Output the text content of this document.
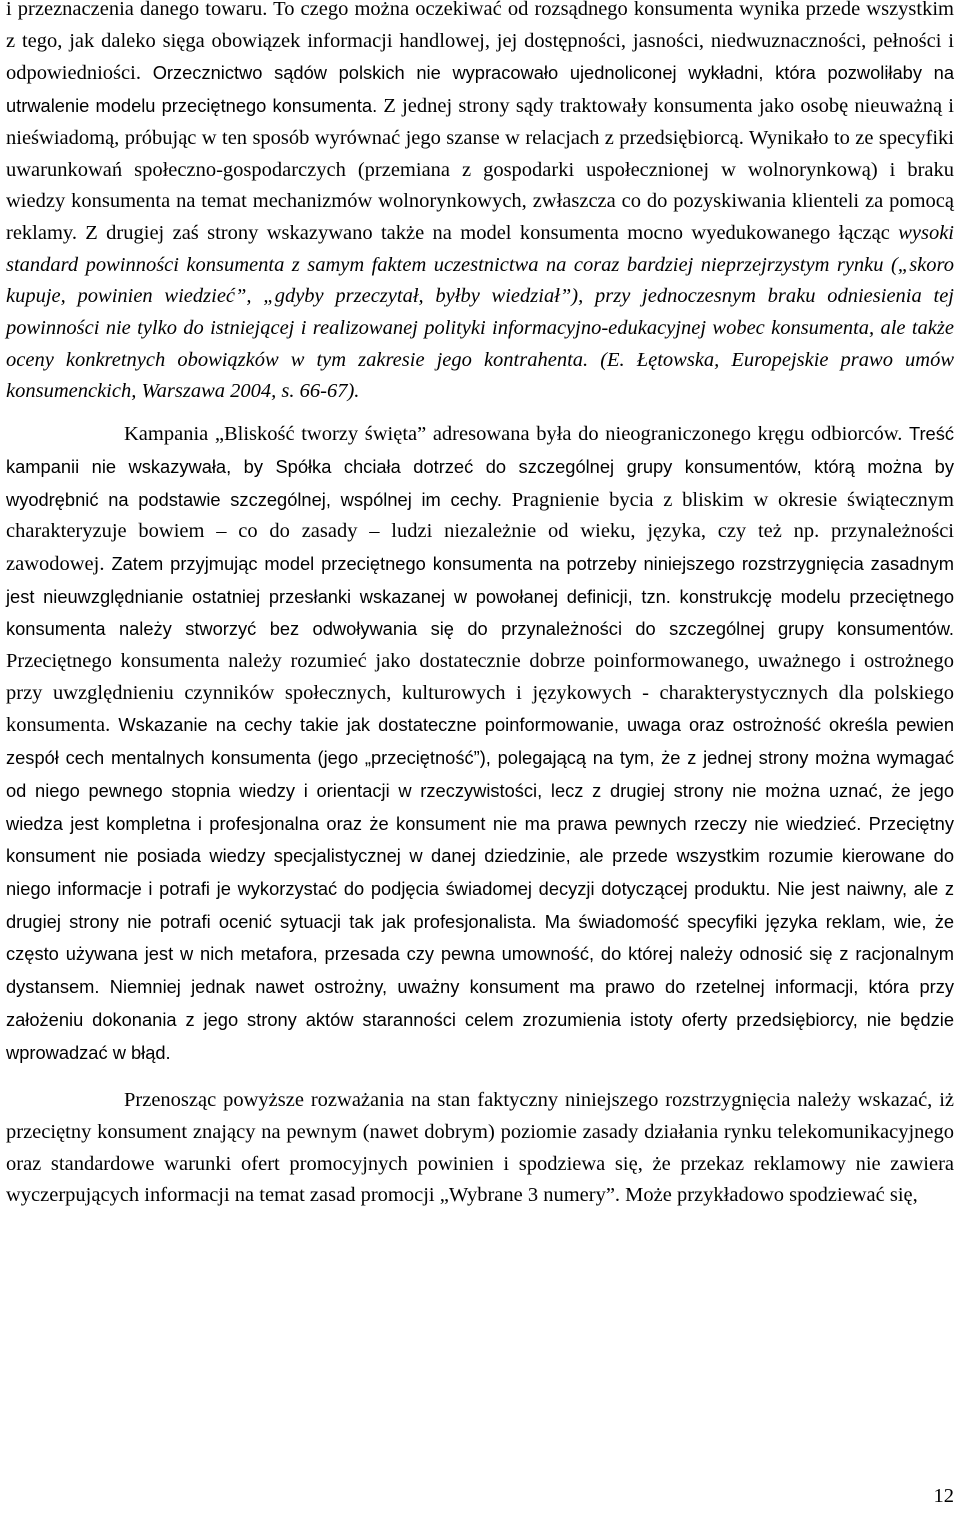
i przeznaczenia danego towaru. To czego można oczekiwać od rozsądnego konsumenta wynika przede wszystkim z tego, jak daleko sięga obowiązek informacji handlowej, jej dostępności, jasności, niedwuznaczności, pełności i odpowiedniości. Orzecznictwo sądów polskich nie wypracowało ujednoliconej wykładni, która pozwoliłaby na utrwalenie modelu przeciętnego konsumenta. Z jednej strony sądy traktowały konsumenta jako osobę nieuważną i nieświadomą, próbując w ten sposób wyrównać jego szanse w relacjach z przedsiębiorcą. Wynikało to ze specyfiki uwarunkowań społeczno-gospodarczych (przemiana z gospodarki uspołecznionej w wolnorynkową) i braku wiedzy konsumenta na temat mechanizmów wolnorynkowych, zwłaszcza co do pozyskiwania klienteli za pomocą reklamy. Z drugiej zaś strony wskazywano także na model konsumenta mocno wyedukowanego łącząc wysoki standard powinności konsumenta z samym faktem uczestnictwa na coraz bardziej nieprzejrzystym rynku („skoro kupuje, powinien wiedzieć”, „gdyby przeczytał, byłby wiedział”), przy jednoczesnym braku odniesienia tej powinności nie tylko do istniejącej i realizowanej polityki informacyjno-edukacyjnej wobec konsumenta, ale także oceny konkretnych obowiązków w tym zakresie jego kontrahenta. (E. Łętowska, Europejskie prawo umów konsumenckich, Warszawa 2004, s. 66-67).

Kampania „Bliskość tworzy święta” adresowana była do nieograniczonego kręgu odbiorców. Treść kampanii nie wskazywała, by Spółka chciała dotrzeć do szczególnej grupy konsumentów, którą można by wyodrębnić na podstawie szczególnej, wspólnej im cechy. Pragnienie bycia z bliskim w okresie świątecznym charakteryzuje bowiem – co do zasady – ludzi niezależnie od wieku, języka, czy też np. przynależności zawodowej. Zatem przyjmując model przeciętnego konsumenta na potrzeby niniejszego rozstrzygnięcia zasadnym jest nieuwzględnianie ostatniej przesłanki wskazanej w powołanej definicji, tzn. konstrukcję modelu przeciętnego konsumenta należy stworzyć bez odwoływania się do przynależności do szczególnej grupy konsumentów. Przeciętnego konsumenta należy rozumieć jako dostatecznie dobrze poinformowanego, uważnego i ostrożnego przy uwzględnieniu czynników społecznych, kulturowych i językowych - charakterystycznych dla polskiego konsumenta. Wskazanie na cechy takie jak dostateczne poinformowanie, uwaga oraz ostrożność określa pewien zespół cech mentalnych konsumenta (jego „przeciętność”), polegającą na tym, że z jednej strony można wymagać od niego pewnego stopnia wiedzy i orientacji w rzeczywistości, lecz z drugiej strony nie można uznać, że jego wiedza jest kompletna i profesjonalna oraz że konsument nie ma prawa pewnych rzeczy nie wiedzieć. Przeciętny konsument nie posiada wiedzy specjalistycznej w danej dziedzinie, ale przede wszystkim rozumie kierowane do niego informacje i potrafi je wykorzystać do podjęcia świadomej decyzji dotyczącej produktu. Nie jest naiwny, ale z drugiej strony nie potrafi ocenić sytuacji tak jak profesjonalista. Ma świadomość specyfiki języka reklam, wie, że często używana jest w nich metafora, przesada czy pewna umowność, do której należy odnosić się z racjonalnym dystansem. Niemniej jednak nawet ostrożny, uważny konsument ma prawo do rzetelnej informacji, która przy założeniu dokonania z jego strony aktów staranności celem zrozumienia istoty oferty przedsiębiorcy, nie będzie wprowadzać w błąd.

Przenosząc powyższe rozważania na stan faktyczny niniejszego rozstrzygnięcia należy wskazać, iż przeciętny konsument znający na pewnym (nawet dobrym) poziomie zasady działania rynku telekomunikacyjnego oraz standardowe warunki ofert promocyjnych powinien i spodziewa się, że przekaz reklamowy nie zawiera wyczerpujących informacji na temat zasad promocji „Wybrane 3 numery”. Może przykładowo spodziewać się,

12
